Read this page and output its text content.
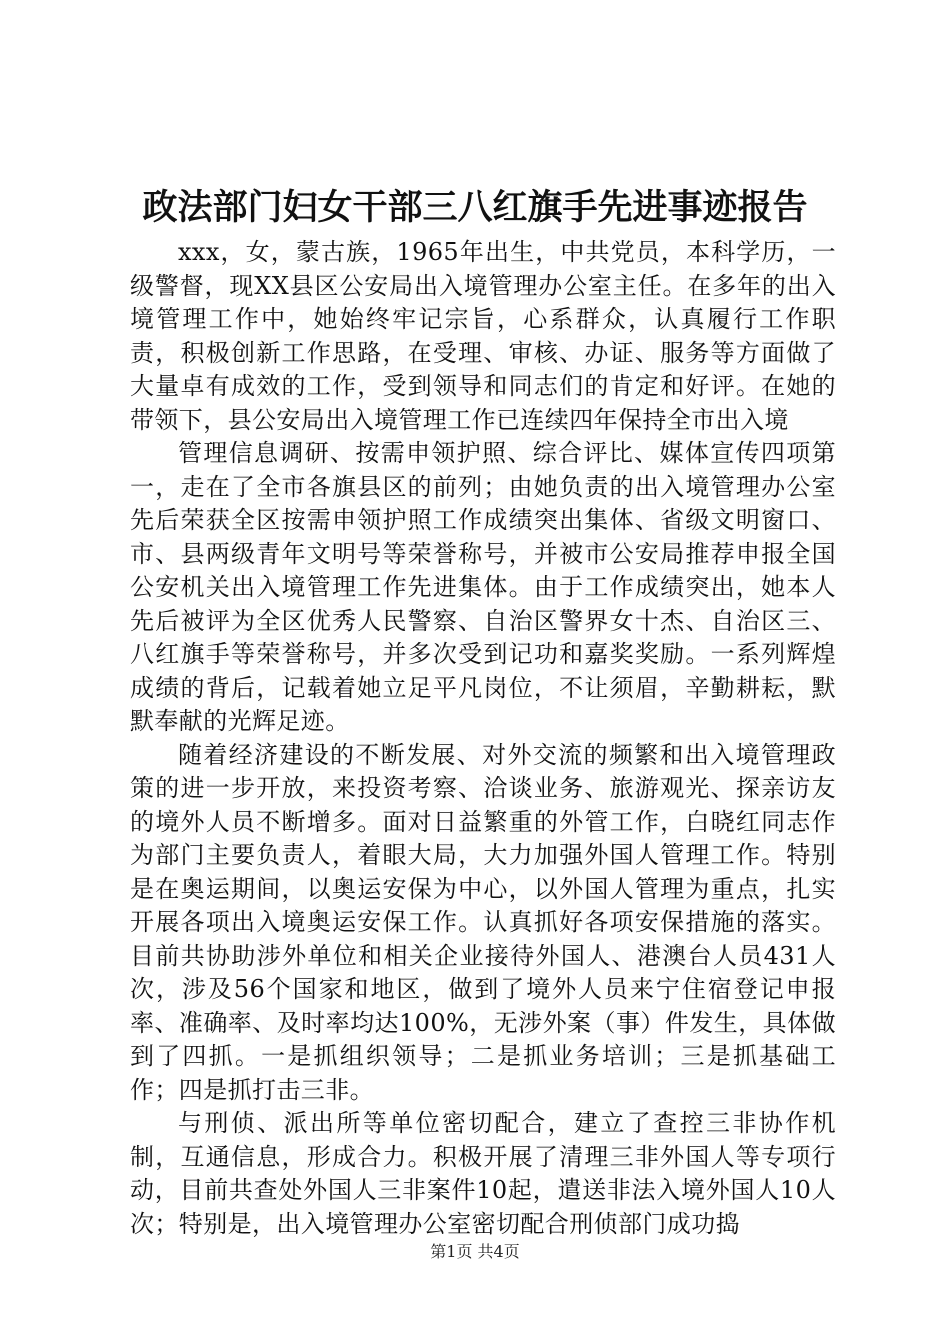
政法部门妇女干部三八红旗手先进事迹报告

xxx，女，蒙古族，1965年出生，中共党员，本科学历，一级警督，现XX县区公安局出入境管理办公室主任。在多年的出入境管理工作中，她始终牢记宗旨，心系群众，认真履行工作职责，积极创新工作思路，在受理、审核、办证、服务等方面做了大量卓有成效的工作，受到领导和同志们的肯定和好评。在她的带领下，县公安局出入境管理工作已连续四年保持全市出入境

管理信息调研、按需申领护照、综合评比、媒体宣传四项第一，走在了全市各旗县区的前列；由她负责的出入境管理办公室先后荣获全区按需申领护照工作成绩突出集体、省级文明窗口、市、县两级青年文明号等荣誉称号，并被市公安局推荐申报全国公安机关出入境管理工作先进集体。由于工作成绩突出，她本人先后被评为全区优秀人民警察、自治区警界女十杰、自治区三、八红旗手等荣誉称号，并多次受到记功和嘉奖奖励。一系列辉煌成绩的背后，记载着她立足平凡岗位，不让须眉，辛勤耕耘，默默奉献的光辉足迹。

随着经济建设的不断发展、对外交流的频繁和出入境管理政策的进一步开放，来投资考察、洽谈业务、旅游观光、探亲访友的境外人员不断增多。面对日益繁重的外管工作，白晓红同志作为部门主要负责人，着眼大局，大力加强外国人管理工作。特别是在奥运期间，以奥运安保为中心，以外国人管理为重点，扎实开展各项出入境奥运安保工作。认真抓好各项安保措施的落实。目前共协助涉外单位和相关企业接待外国人、港澳台人员431人次，涉及56个国家和地区，做到了境外人员来宁住宿登记申报率、准确率、及时率均达100%，无涉外案（事）件发生，具体做到了四抓。一是抓组织领导；二是抓业务培训；三是抓基础工作；四是抓打击三非。

与刑侦、派出所等单位密切配合，建立了查控三非协作机制，互通信息，形成合力。积极开展了清理三非外国人等专项行动，目前共查处外国人三非案件10起，遣送非法入境外国人10人次；特别是，出入境管理办公室密切配合刑侦部门成功捣

第1页 共4页
